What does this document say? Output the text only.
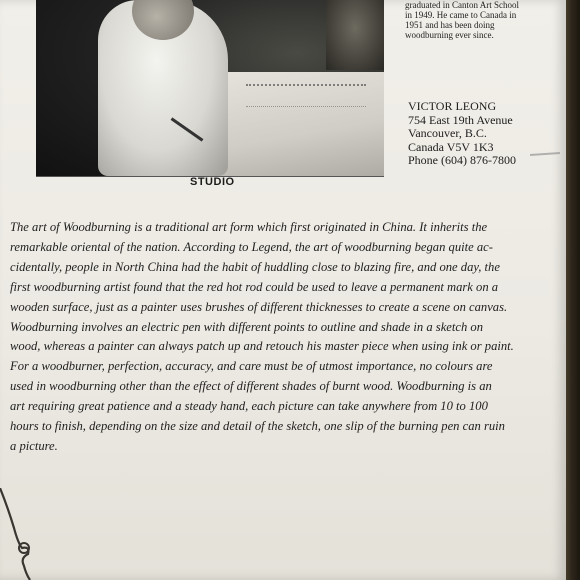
STUDIO
graduated in Canton Art School
in 1949. He came to Canada in
1951 and has been doing
woodburning ever since.
VICTOR LEONG
754 East 19th Avenue
Vancouver, B.C.
Canada V5V 1K3
Phone (604) 876-7800
The art of Woodburning is a traditional art form which first originated in China. It inherits the
remarkable oriental of the nation. According to Legend, the art of woodburning began quite ac-
cidentally, people in North China had the habit of huddling close to blazing fire, and one day, the
first woodburning artist found that the red hot rod could be used to leave a permanent mark on a
wooden surface, just as a painter uses brushes of different thicknesses to create a scene on canvas.
Woodburning involves an electric pen with different points to outline and shade in a sketch on
wood, whereas a painter can always patch up and retouch his master piece when using ink or paint.
For a woodburner, perfection, accuracy, and care must be of utmost importance, no colours are
used in woodburning other than the effect of different shades of burnt wood. Woodburning is an
art requiring great patience and a steady hand, each picture can take anywhere from 10 to 100
hours to finish, depending on the size and detail of the sketch, one slip of the burning pen can ruin
a picture.
